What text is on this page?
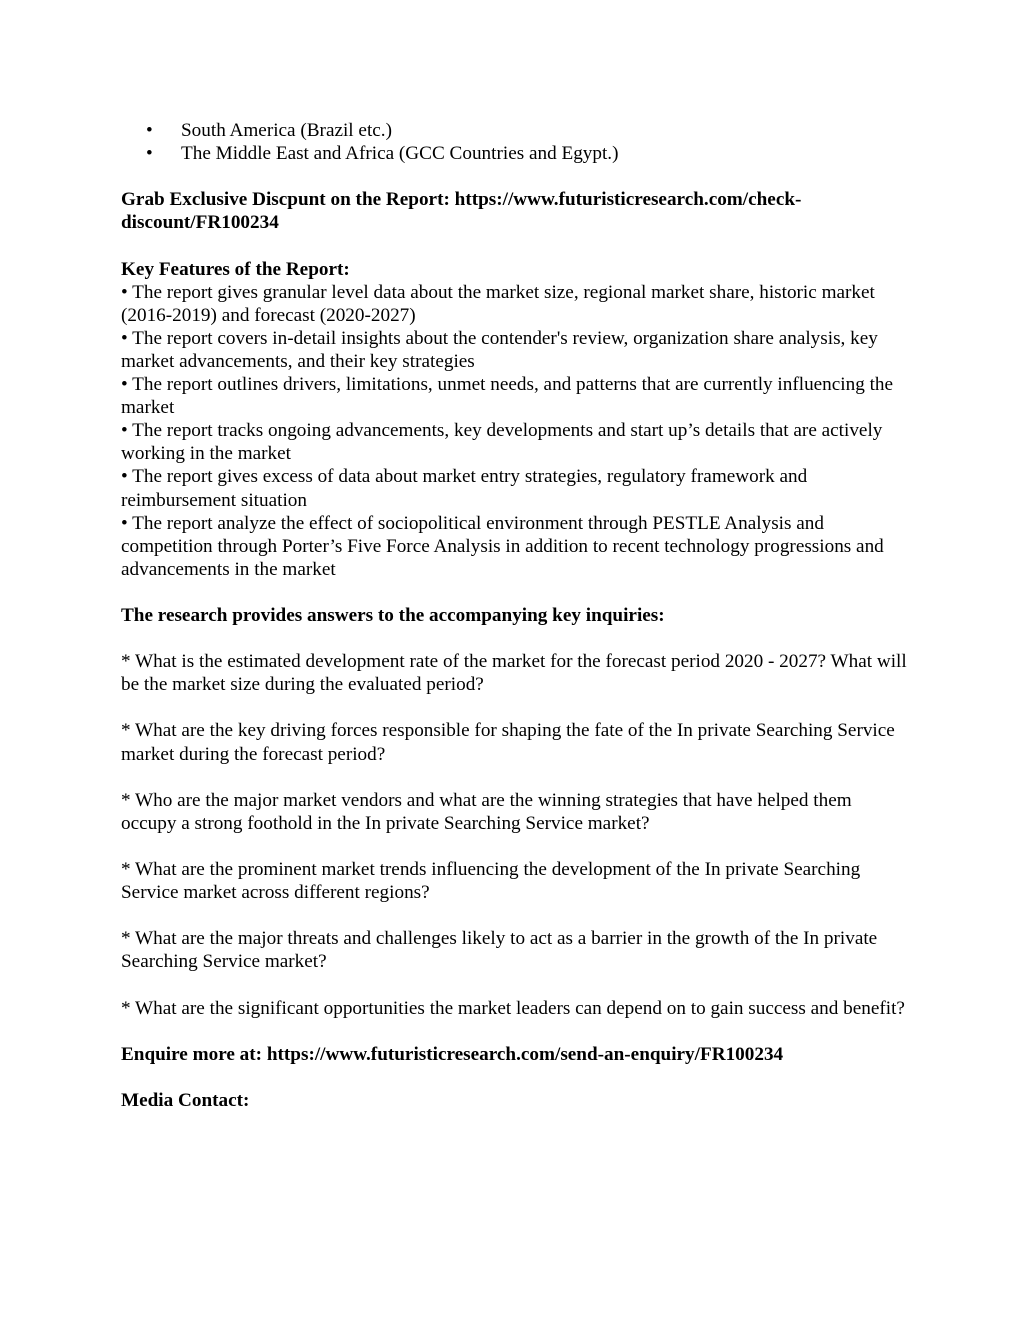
• South America (Brazil etc.)
• The Middle East and Africa (GCC Countries and Egypt.)

Grab Exclusive Discpunt on the Report: https://www.futuristicresearch.com/check-discount/FR100234

Key Features of the Report:

• The report gives granular level data about the market size, regional market share, historic market (2016-2019) and forecast (2020-2027)

• The report covers in-detail insights about the contender's review, organization share analysis, key market advancements, and their key strategies

• The report outlines drivers, limitations, unmet needs, and patterns that are currently influencing the market

• The report tracks ongoing advancements, key developments and start up’s details that are actively working in the market

• The report gives excess of data about market entry strategies, regulatory framework and reimbursement situation

• The report analyze the effect of sociopolitical environment through PESTLE Analysis and competition through Porter’s Five Force Analysis in addition to recent technology progressions and advancements in the market

The research provides answers to the accompanying key inquiries:

* What is the estimated development rate of the market for the forecast period 2020 - 2027? What will be the market size during the evaluated period?

* What are the key driving forces responsible for shaping the fate of the In private Searching Service market during the forecast period?

* Who are the major market vendors and what are the winning strategies that have helped them occupy a strong foothold in the In private Searching Service market?

* What are the prominent market trends influencing the development of the In private Searching Service market across different regions?

* What are the major threats and challenges likely to act as a barrier in the growth of the In private Searching Service market?

* What are the significant opportunities the market leaders can depend on to gain success and benefit?

Enquire more at: https://www.futuristicresearch.com/send-an-enquiry/FR100234

Media Contact:
